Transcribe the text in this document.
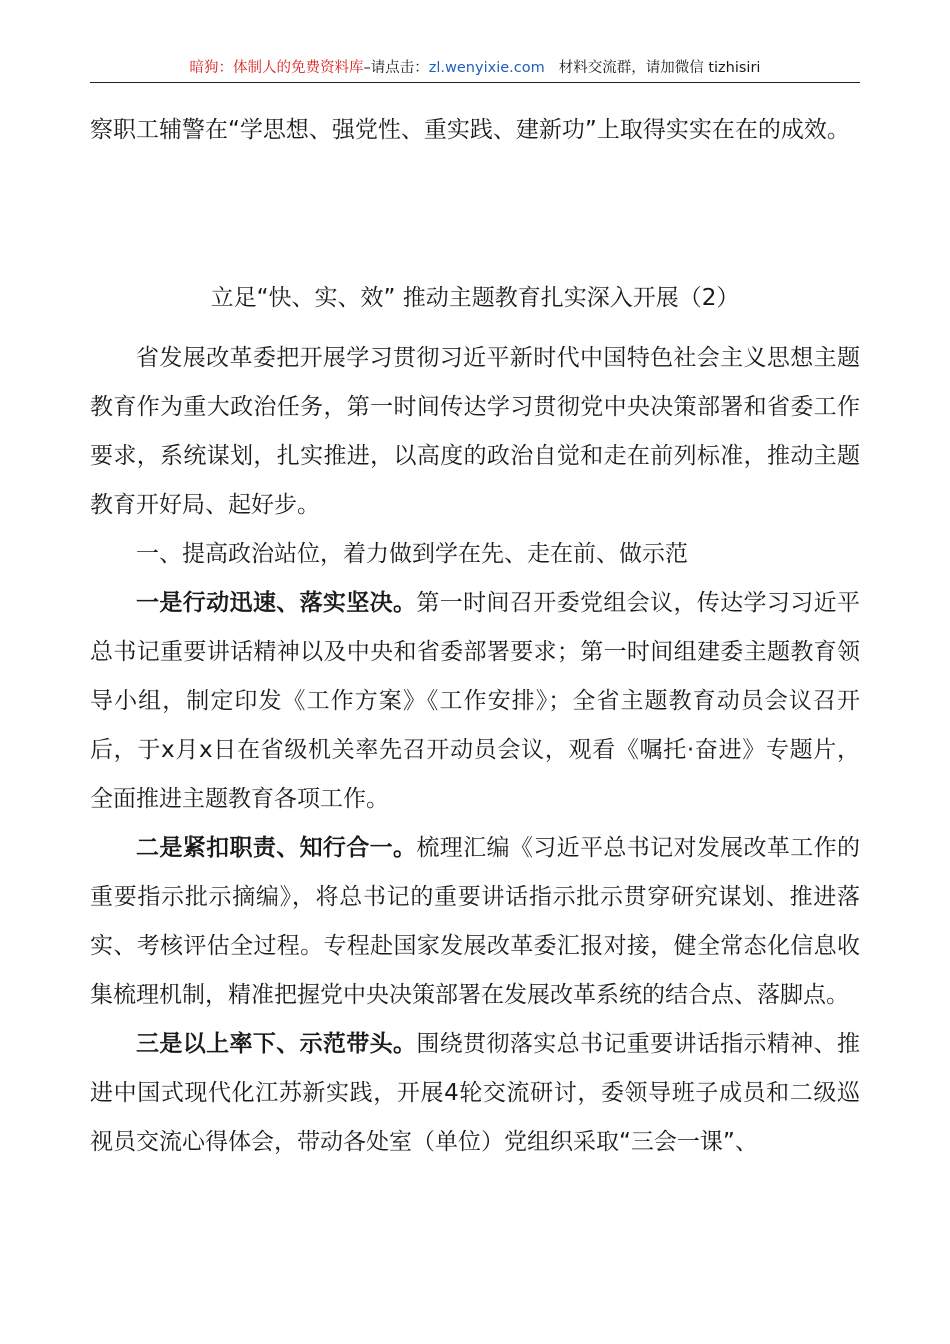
暗狗：体制人的免费资料库–请点击：zl.wenyixie.com 材料交流群，请加微信 tizhisiri

察职工辅警在“学思想、强党性、重实践、建新功”上取得实实在在的成效。

立足“快、实、效” 推动主题教育扎实深入开展（2）

省发展改革委把开展学习贯彻习近平新时代中国特色社会主义思想主题教育作为重大政治任务，第一时间传达学习贯彻党中央决策部署和省委工作要求，系统谋划，扎实推进，以高度的政治自觉和走在前列标准，推动主题教育开好局、起好步。

一、提高政治站位，着力做到学在先、走在前、做示范

一是行动迅速、落实坚决。第一时间召开委党组会议，传达学习习近平总书记重要讲话精神以及中央和省委部署要求；第一时间组建委主题教育领导小组，制定印发《工作方案》《工作安排》；全省主题教育动员会议召开后，于x月x日在省级机关率先召开动员会议，观看《嘱托·奋进》专题片，全面推进主题教育各项工作。

二是紧扣职责、知行合一。梳理汇编《习近平总书记对发展改革工作的重要指示批示摘编》，将总书记的重要讲话指示批示贯穿研究谋划、推进落实、考核评估全过程。专程赴国家发展改革委汇报对接，健全常态化信息收集梳理机制，精准把握党中央决策部署在发展改革系统的结合点、落脚点。

三是以上率下、示范带头。围绕贯彻落实总书记重要讲话指示精神、推进中国式现代化江苏新实践，开展4轮交流研讨，委领导班子成员和二级巡视员交流心得体会，带动各处室（单位）党组织采取“三会一课”、
